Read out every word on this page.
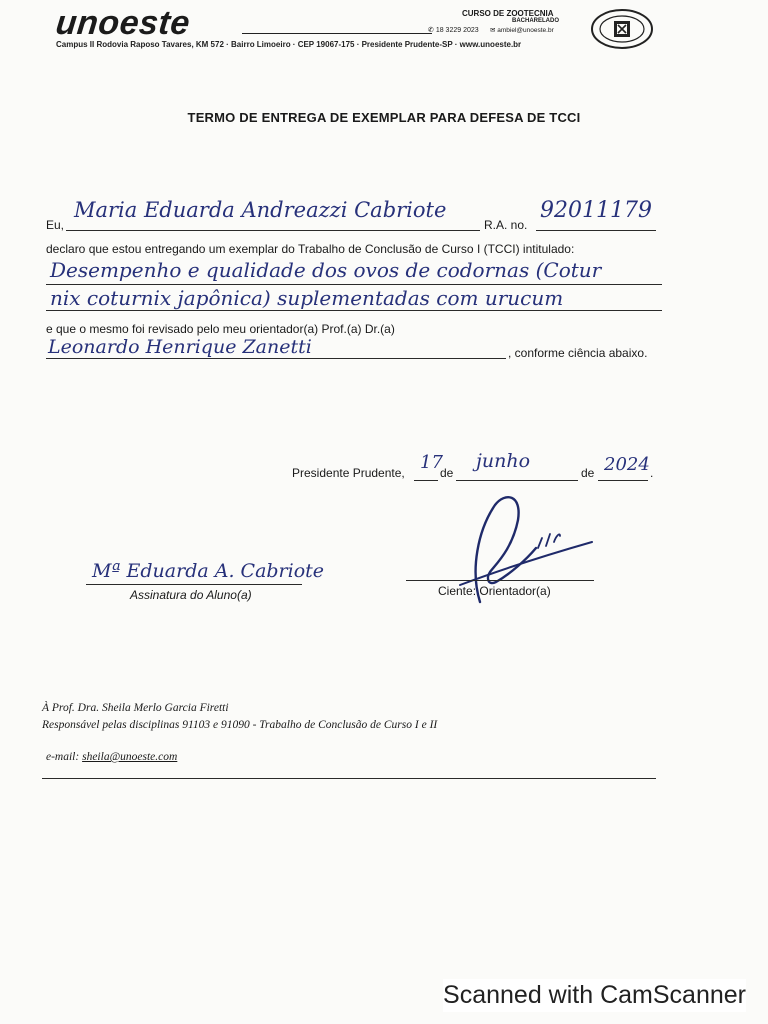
unoeste
Campus II Rodovia Raposo Tavares, KM 572 · Bairro Limoeiro · CEP 19067-175 · Presidente Prudente-SP · www.unoeste.br
CURSO DE ZOOTECNIA
BACHARELADO
✆ 18 3229 2023 ✉ ambiel@unoeste.br
TERMO DE ENTREGA DE EXEMPLAR PARA DEFESA DE TCCI
Eu,
Maria Eduarda Andreazzi Cabriote
R.A. no.
92011179
declaro que estou entregando um exemplar do Trabalho de Conclusão de Curso I (TCCI) intitulado:
Desempenho e qualidade dos ovos de codornas (Cotur
nix coturnix japônica) suplementadas com urucum
e que o mesmo foi revisado pelo meu orientador(a) Prof.(a) Dr.(a)
Leonardo Henrique Zanetti	, conforme ciência abaixo.
Presidente Prudente, 17
de
junho
de 2024 .
Mª Eduarda A. Cabriote
Assinatura do Aluno(a)	Ciente: Orientador(a)
À Prof. Dra. Sheila Merlo Garcia Firetti
Responsável pelas disciplinas 91103 e 91090 - Trabalho de Conclusão de Curso I e II
e-mail: sheila@unoeste.com
Scanned with CamScanner
